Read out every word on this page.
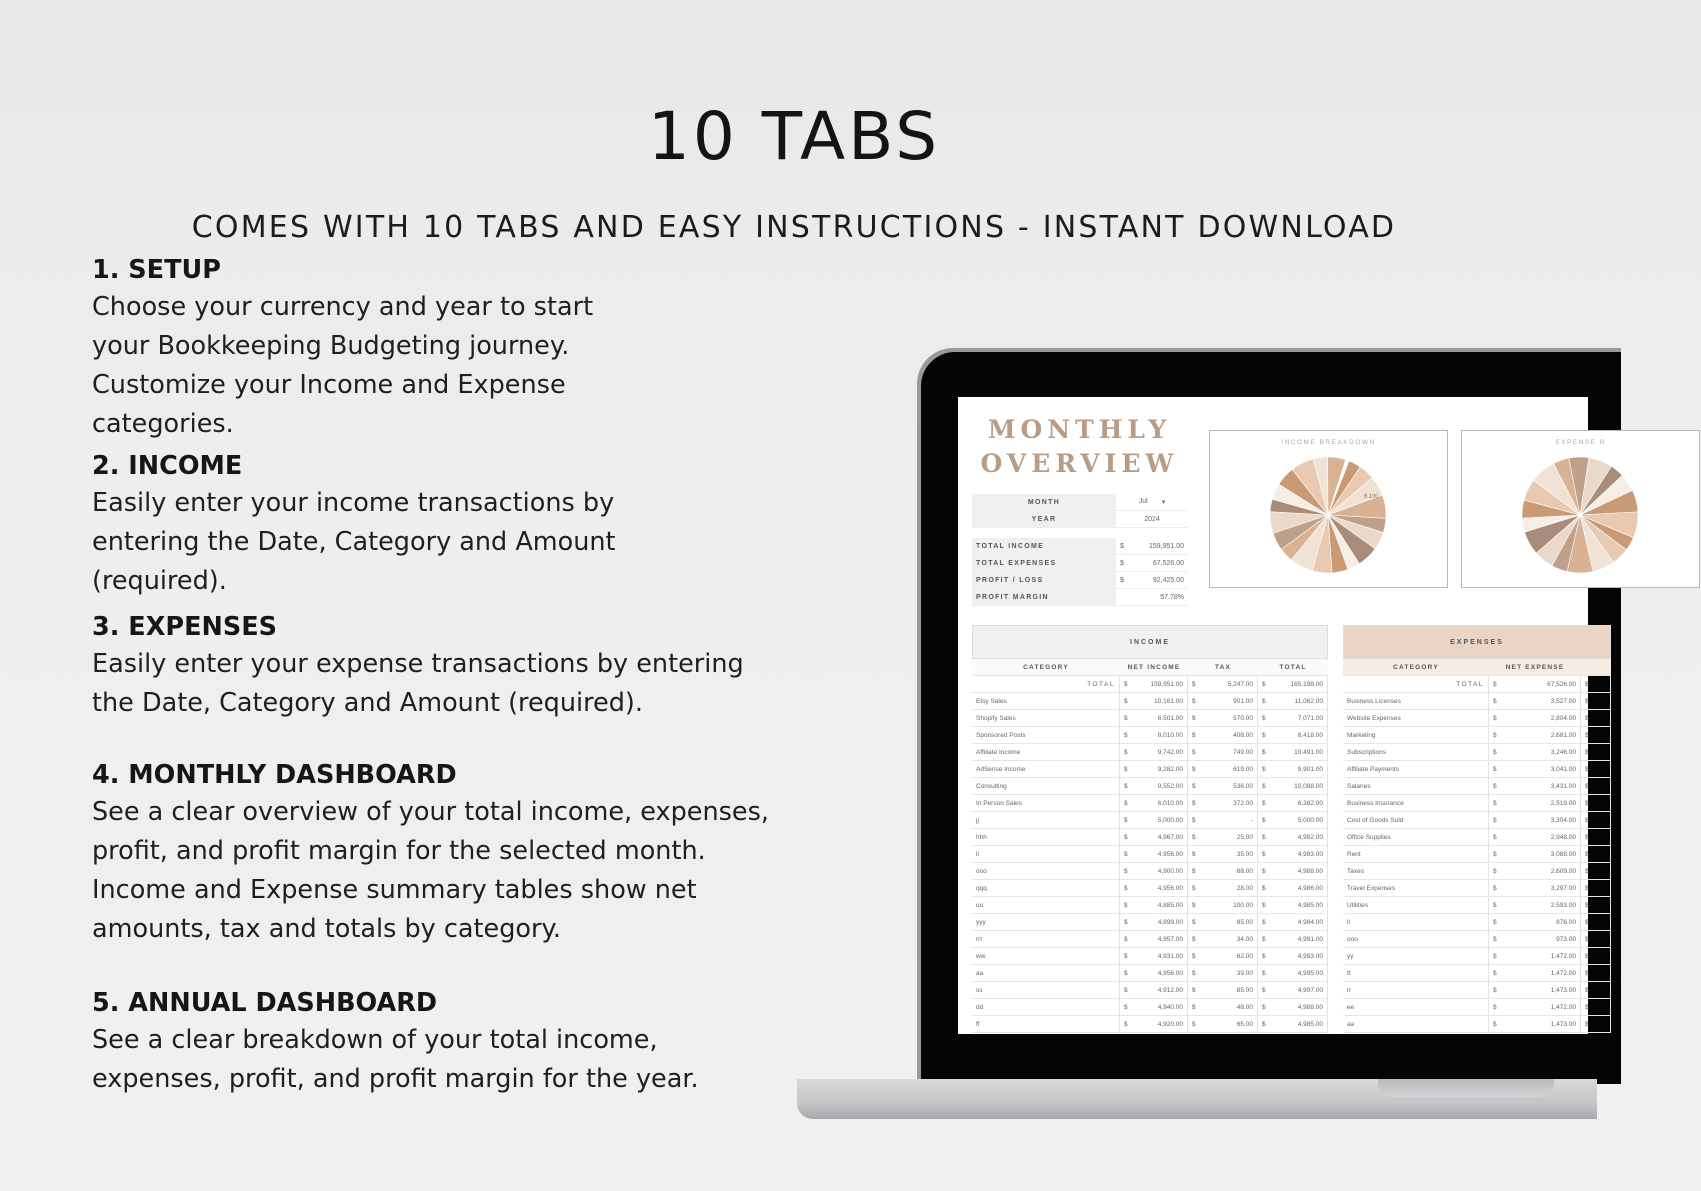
10 TABS
COMES WITH 10 TABS AND EASY INSTRUCTIONS - INSTANT DOWNLOAD
1. SETUP

Choose your currency and year to start
your Bookkeeping Budgeting journey.
Customize your Income and Expense
categories.

2. INCOME

Easily enter your income transactions by
entering the Date, Category and Amount
(required).

3. EXPENSES

Easily enter your expense transactions by entering
the Date, Category and Amount (required).

4. MONTHLY DASHBOARD

See a clear overview of your total income, expenses,
profit, and profit margin for the selected month.
Income and Expense summary tables show net
amounts, tax and totals by category.

5. ANNUAL DASHBOARD

See a clear breakdown of your total income,
expenses, profit, and profit margin for the year.

MONTHLY
OVERVIEW
MONTH	Jul ▾
YEAR	2024
TOTAL INCOME	$	159,951.00
TOTAL EXPENSES	$	67,526.00
PROFIT / LOSS	$	92,425.00
PROFIT MARGIN	57.78%
INCOME BREAKDOWN
6.1%
EXPENSE B
INCOME
CATEGORY	NET INCOME	TAX	TOTAL
TOTAL	$	159,951.00 $	5,247.00 $	165,198.00
Etsy Sales	$	10,161.00 $	901.00 $	11,062.00
Shopify Sales	$	6,501.00 $	570.00 $	7,071.00
Sponsored Posts	$	8,010.00 $	408.00 $	8,418.00
Affiliate Income	$	9,742.00 $	749.00 $	10,491.00
AdSense Income	$	9,282.00 $	619.00 $	9,901.00
Consulting	$	9,552.00 $	536.00 $	10,088.00
In Person Sales	$	6,010.00 $	372.00 $	6,382.00
jj	$	5,000.00 $	- $	5,000.00
hhh	$	4,967.00 $	25.00 $	4,992.00
ll	$	4,956.00 $	35.00 $	4,993.00
ooo	$	4,900.00 $	88.00 $	4,988.00
qqq	$	4,956.00 $	28.00 $	4,986.00
uu	$	4,885.00 $	100.00 $	4,985.00
yyy	$	4,899.00 $	85.00 $	4,984.00
rrr	$	4,957.00 $	34.00 $	4,991.00
ww	$	4,931.00 $	62.00 $	4,993.00
aa	$	4,956.00 $	39.00 $	4,995.00
ss	$	4,912.00 $	85.00 $	4,997.00
dd	$	4,940.00 $	48.00 $	4,988.00
ff	$	4,920.00 $	65.00 $	4,985.00
EXPENSES
CATEGORY	NET EXPENSE
TOTAL	$	67,526.00	$
Business Licenses	$	3,527.00	$
Website Expenses	$	2,804.00	$
Marketing	$	2,681.00	$
Subscriptions	$	3,246.00	$
Affiliate Payments	$	3,041.00	$
Salaries	$	3,431.00	$
Business Insurance	$	2,519.00	$
Cost of Goods Sold	$	3,304.00	$
Office Supplies	$	2,948.00	$
Rent	$	3,088.00	$
Taxes	$	2,609.00	$
Travel Expenses	$	3,297.00	$
Utilities	$	2,593.00	$
ll	$	876.00	$
ooo	$	973.00	$
yy	$	1,472.00	$
tt	$	1,472.00	$
rr	$	1,473.00	$
ee	$	1,472.00	$
aa	$	1,473.00	$
